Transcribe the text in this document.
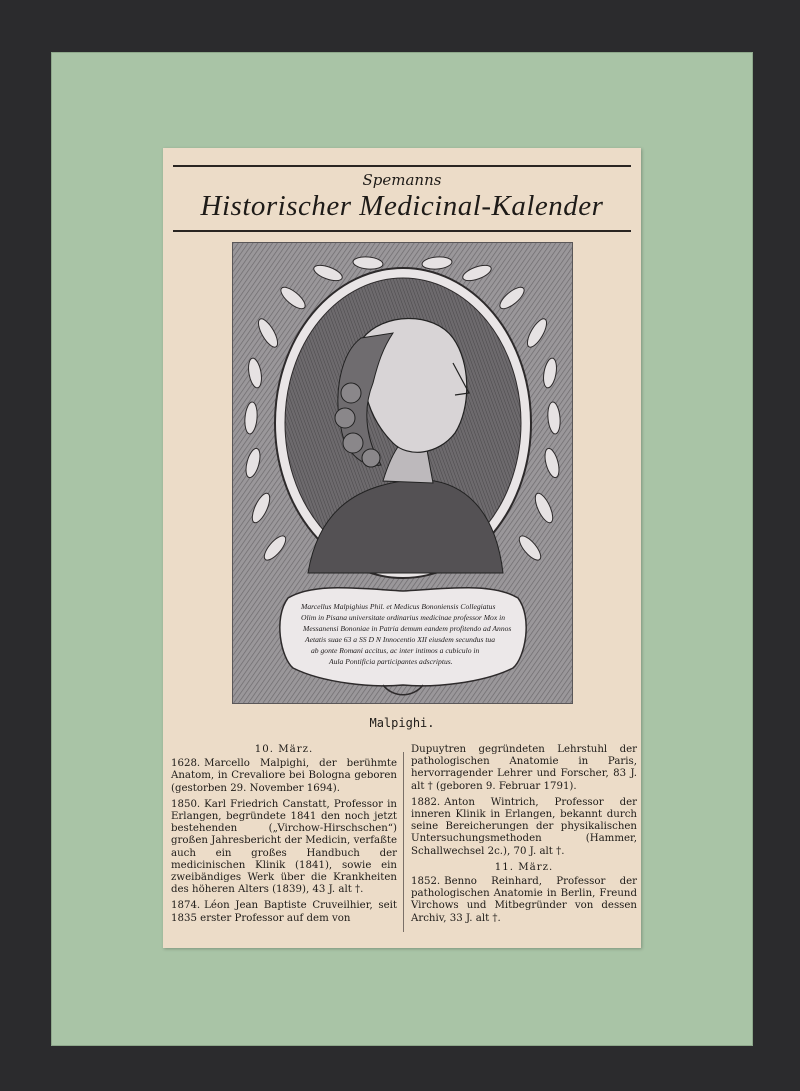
Spemanns
Historischer Medicinal-Kalender
Marcellus Malpighius Phil. et Medicus Bononiensis Collegiatus
Olim in Pisana universitate ordinarius medicinae professor Mox in
Messanensi Bononiae in Patria demum eandem profitendo ad Annos
Aetatis suae 63 a SS D N Innocentio XII eiusdem secundus tua
ab gonte Romani accitus, ac inter intimos a cubiculo in
Aula Pontificia participantes adscriptus.
Malpighi.
10. März.
1628. Marcello Malpighi, der berühmte Anatom, in Crevaliore bei Bologna geboren (gestorben 29. November 1694).
1850. Karl Friedrich Canstatt, Professor in Erlangen, begründete 1841 den noch jetzt bestehenden („Virchow-Hirschschen“) großen Jahresbericht der Medicin, verfaßte auch ein großes Handbuch der medicinischen Klinik (1841), sowie ein zweibändiges Werk über die Krankheiten des höheren Alters (1839), 43 J. alt †.
1874. Léon Jean Baptiste Cruveilhier, seit 1835 erster Professor auf dem von
Dupuytren gegründeten Lehrstuhl der pathologischen Anatomie in Paris, hervorragender Lehrer und Forscher, 83 J. alt † (geboren 9. Februar 1791).
1882. Anton Wintrich, Professor der inneren Klinik in Erlangen, bekannt durch seine Bereicherungen der physikalischen Untersuchungsmethoden (Hammer, Schallwechsel 2c.), 70 J. alt †.
11. März.
1852. Benno Reinhard, Professor der pathologischen Anatomie in Berlin, Freund Virchows und Mitbegründer von dessen Archiv, 33 J. alt †.
